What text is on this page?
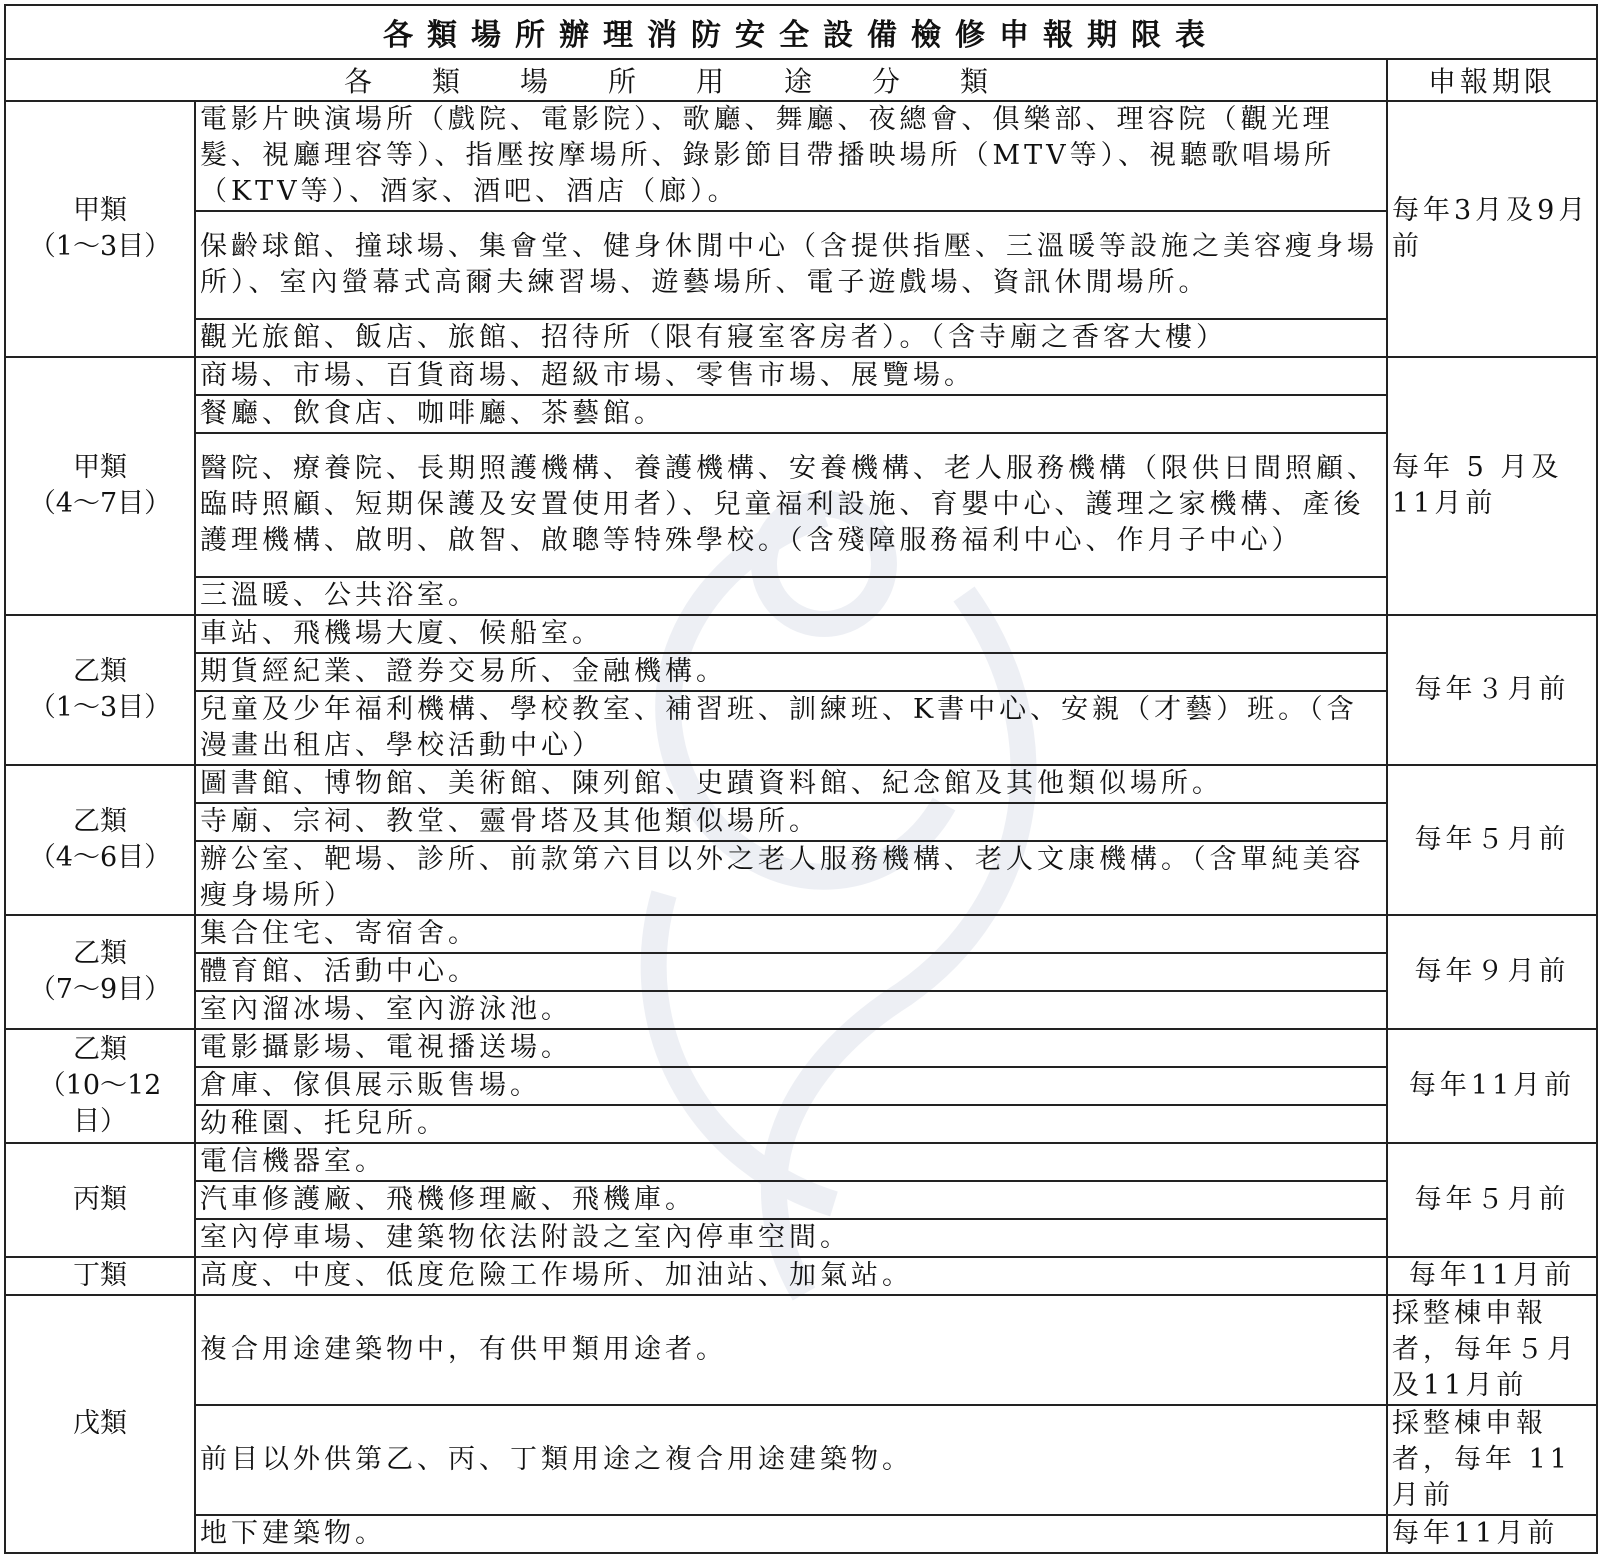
各類場所辦理消防安全設備檢修申報期限表		
各類場所用途分類		申報期限
甲類
（1～3目）	電影片映演場所（戲院、電影院）、歌廳、舞廳、夜總會、俱樂部、理容院（觀光理髮、視廳理容等）、指壓按摩場所、錄影節目帶播映場所（MTV等）、視聽歌唱場所（KTV等）、酒家、酒吧、酒店（廊）。	每年3月及9月前
	保齡球館、撞球場、集會堂、健身休閒中心（含提供指壓、三溫暖等設施之美容瘦身場所）、室內螢幕式高爾夫練習場、遊藝場所、電子遊戲場、資訊休閒場所。	
	觀光旅館、飯店、旅館、招待所（限有寢室客房者）。（含寺廟之香客大樓）	
甲類
（4～7目）	商場、市場、百貨商場、超級市場、零售市場、展覽場。	每年 5 月及11月前
	餐廳、飲食店、咖啡廳、茶藝館。	
	醫院、療養院、長期照護機構、養護機構、安養機構、老人服務機構（限供日間照顧、臨時照顧、短期保護及安置使用者）、兒童福利設施、育嬰中心、護理之家機構、產後護理機構、啟明、啟智、啟聰等特殊學校。（含殘障服務福利中心、作月子中心）	
	三溫暖、公共浴室。	
乙類
（1～3目）	車站、飛機場大廈、候船室。	每年３月前
	期貨經紀業、證券交易所、金融機構。	
	兒童及少年福利機構、學校教室、補習班、訓練班、K書中心、安親（才藝）班。（含漫畫出租店、學校活動中心）	
乙類
（4～6目）	圖書館、博物館、美術館、陳列館、史蹟資料館、紀念館及其他類似場所。	每年５月前
	寺廟、宗祠、教堂、靈骨塔及其他類似場所。	
	辦公室、靶場、診所、前款第六目以外之老人服務機構、老人文康機構。（含單純美容瘦身場所）	
乙類
（7～9目）	集合住宅、寄宿舍。	每年９月前
	體育館、活動中心。	
	室內溜冰場、室內游泳池。	
乙類
（10～12
目）	電影攝影場、電視播送場。	每年11月前
	倉庫、傢俱展示販售場。	
	幼稚園、托兒所。	
丙類	電信機器室。	每年５月前
	汽車修護廠、飛機修理廠、飛機庫。	
	室內停車場、建築物依法附設之室內停車空間。	
丁類	高度、中度、低度危險工作場所、加油站、加氣站。	每年11月前
戊類	複合用途建築物中，有供甲類用途者。	採整棟申報者，每年５月及11月前
	前目以外供第乙、丙、丁類用途之複合用途建築物。	採整棟申報者，每年 11月前
	地下建築物。	每年11月前
